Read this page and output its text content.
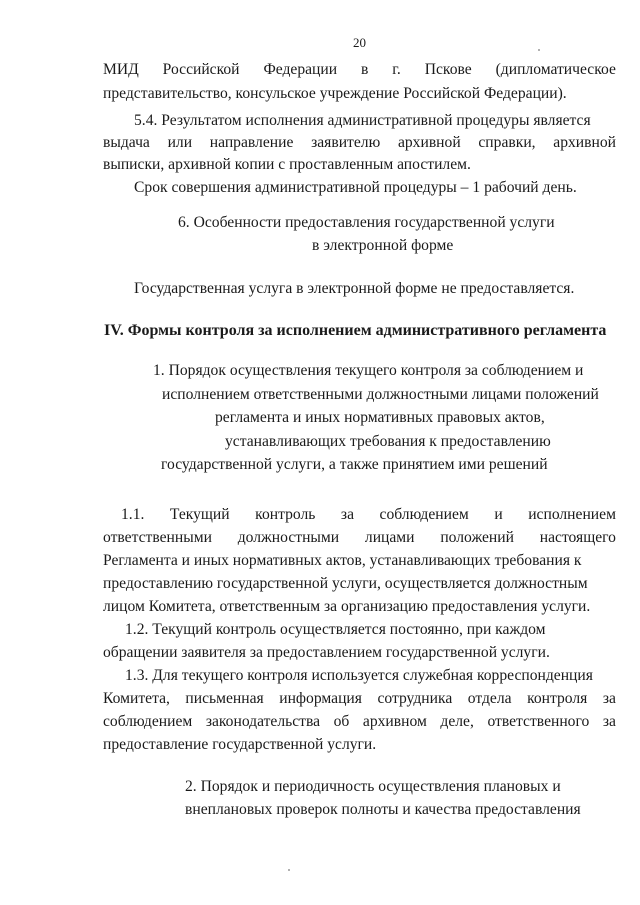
20
МИД Российской Федерации в г. Пскове (дипломатическое
представительство, консульское учреждение Российской Федерации).
5.4. Результатом исполнения административной процедуры является
выдача или направление заявителю архивной справки, архивной
выписки, архивной копии с проставленным апостилем.
Срок совершения административной процедуры – 1 рабочий день.
6. Особенности предоставления государственной услуги
в электронной форме
Государственная услуга в электронной форме не предоставляется.
IV. Формы контроля за исполнением административного регламента
1. Порядок осуществления текущего контроля за соблюдением и
исполнением ответственными должностными лицами положений
регламента и иных нормативных правовых актов,
устанавливающих требования к предоставлению
государственной услуги, а также принятием ими решений
1.1. Текущий контроль за соблюдением и исполнением
ответственными должностными лицами положений настоящего
Регламента и иных нормативных актов, устанавливающих требования к
предоставлению государственной услуги, осуществляется должностным
лицом Комитета, ответственным за организацию предоставления услуги.
1.2. Текущий контроль осуществляется постоянно, при каждом
обращении заявителя за предоставлением государственной услуги.
1.3. Для текущего контроля используется служебная корреспонденция
Комитета, письменная информация сотрудника отдела контроля за
соблюдением законодательства об архивном деле, ответственного за
предоставление государственной услуги.
2. Порядок и периодичность осуществления плановых и
внеплановых проверок полноты и качества предоставления
